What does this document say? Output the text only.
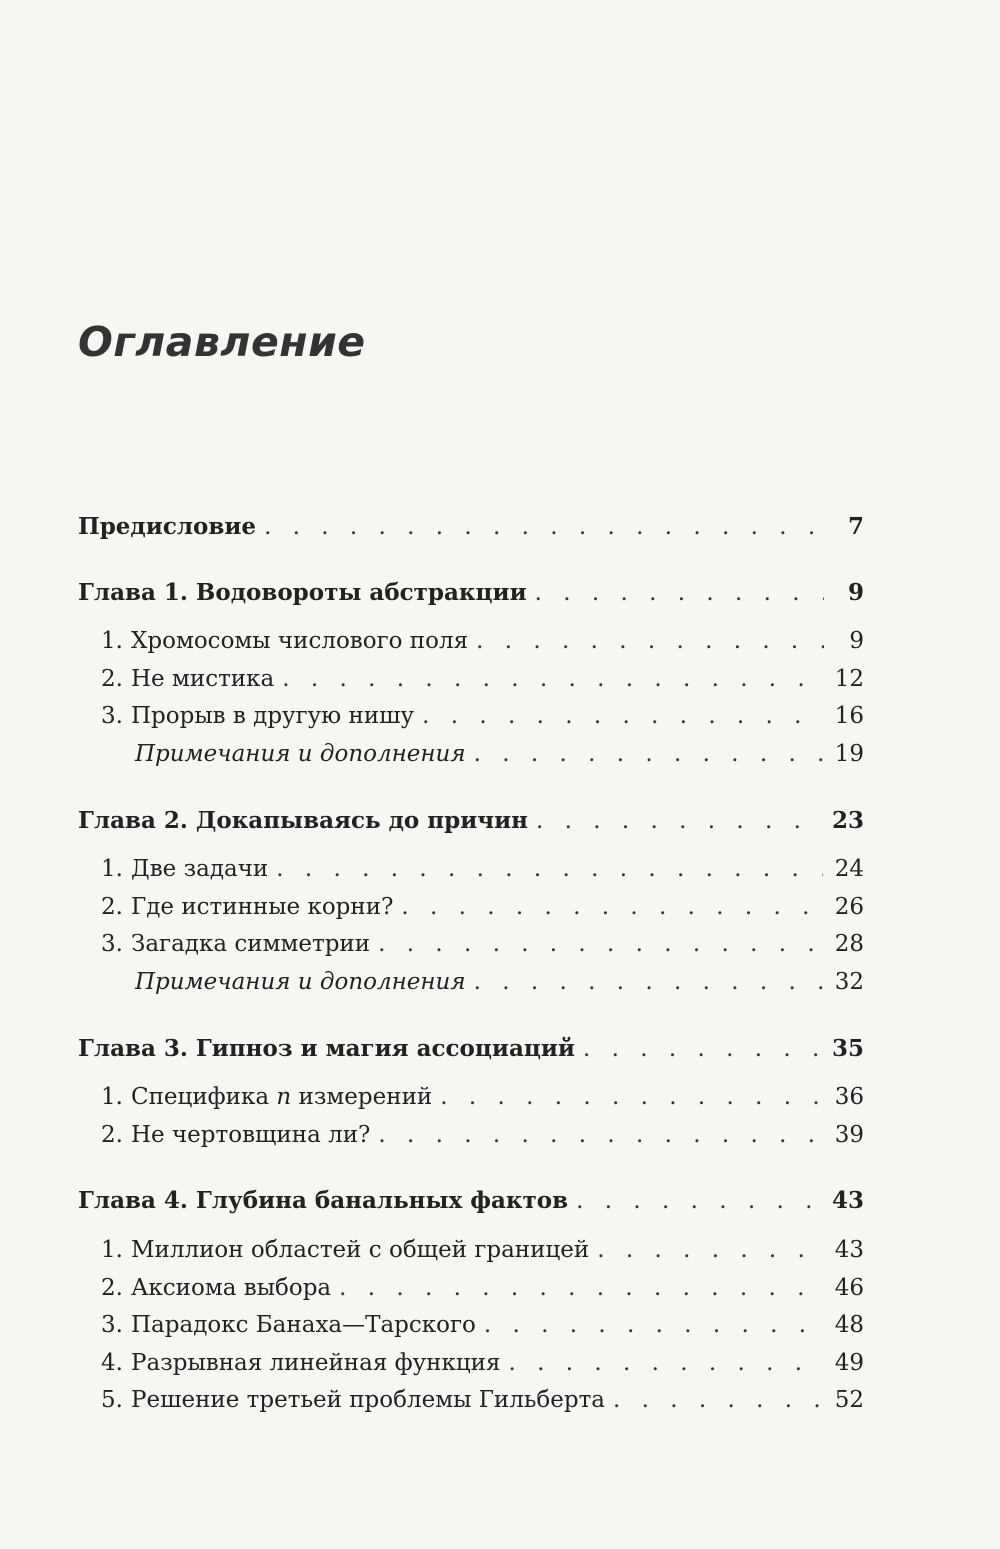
Оглавление
Предисловие . . .	7
Глава 1. Водовороты абстракции . . .	9
1. Хромосомы числового поля . . .	9
2. Не мистика . . .	12
3. Прорыв в другую нишу . . .	16
Примечания и дополнения . . .	19
Глава 2. Докапываясь до причин . . .	23
1. Две задачи . . .	24
2. Где истинные корни? . . .	26
3. Загадка симметрии . . .	28
Примечания и дополнения . . .	32
Глава 3. Гипноз и магия ассоциаций . . .	35
1. Специфика n измерений . . .	36
2. Не чертовщина ли? . . .	39
Глава 4. Глубина банальных фактов . . .	43
1. Миллион областей с общей границей . . .	43
2. Аксиома выбора . . .	46
3. Парадокс Банаха—Тарского . . .	48
4. Разрывная линейная функция . . .	49
5. Решение третьей проблемы Гильберта . . .	52
